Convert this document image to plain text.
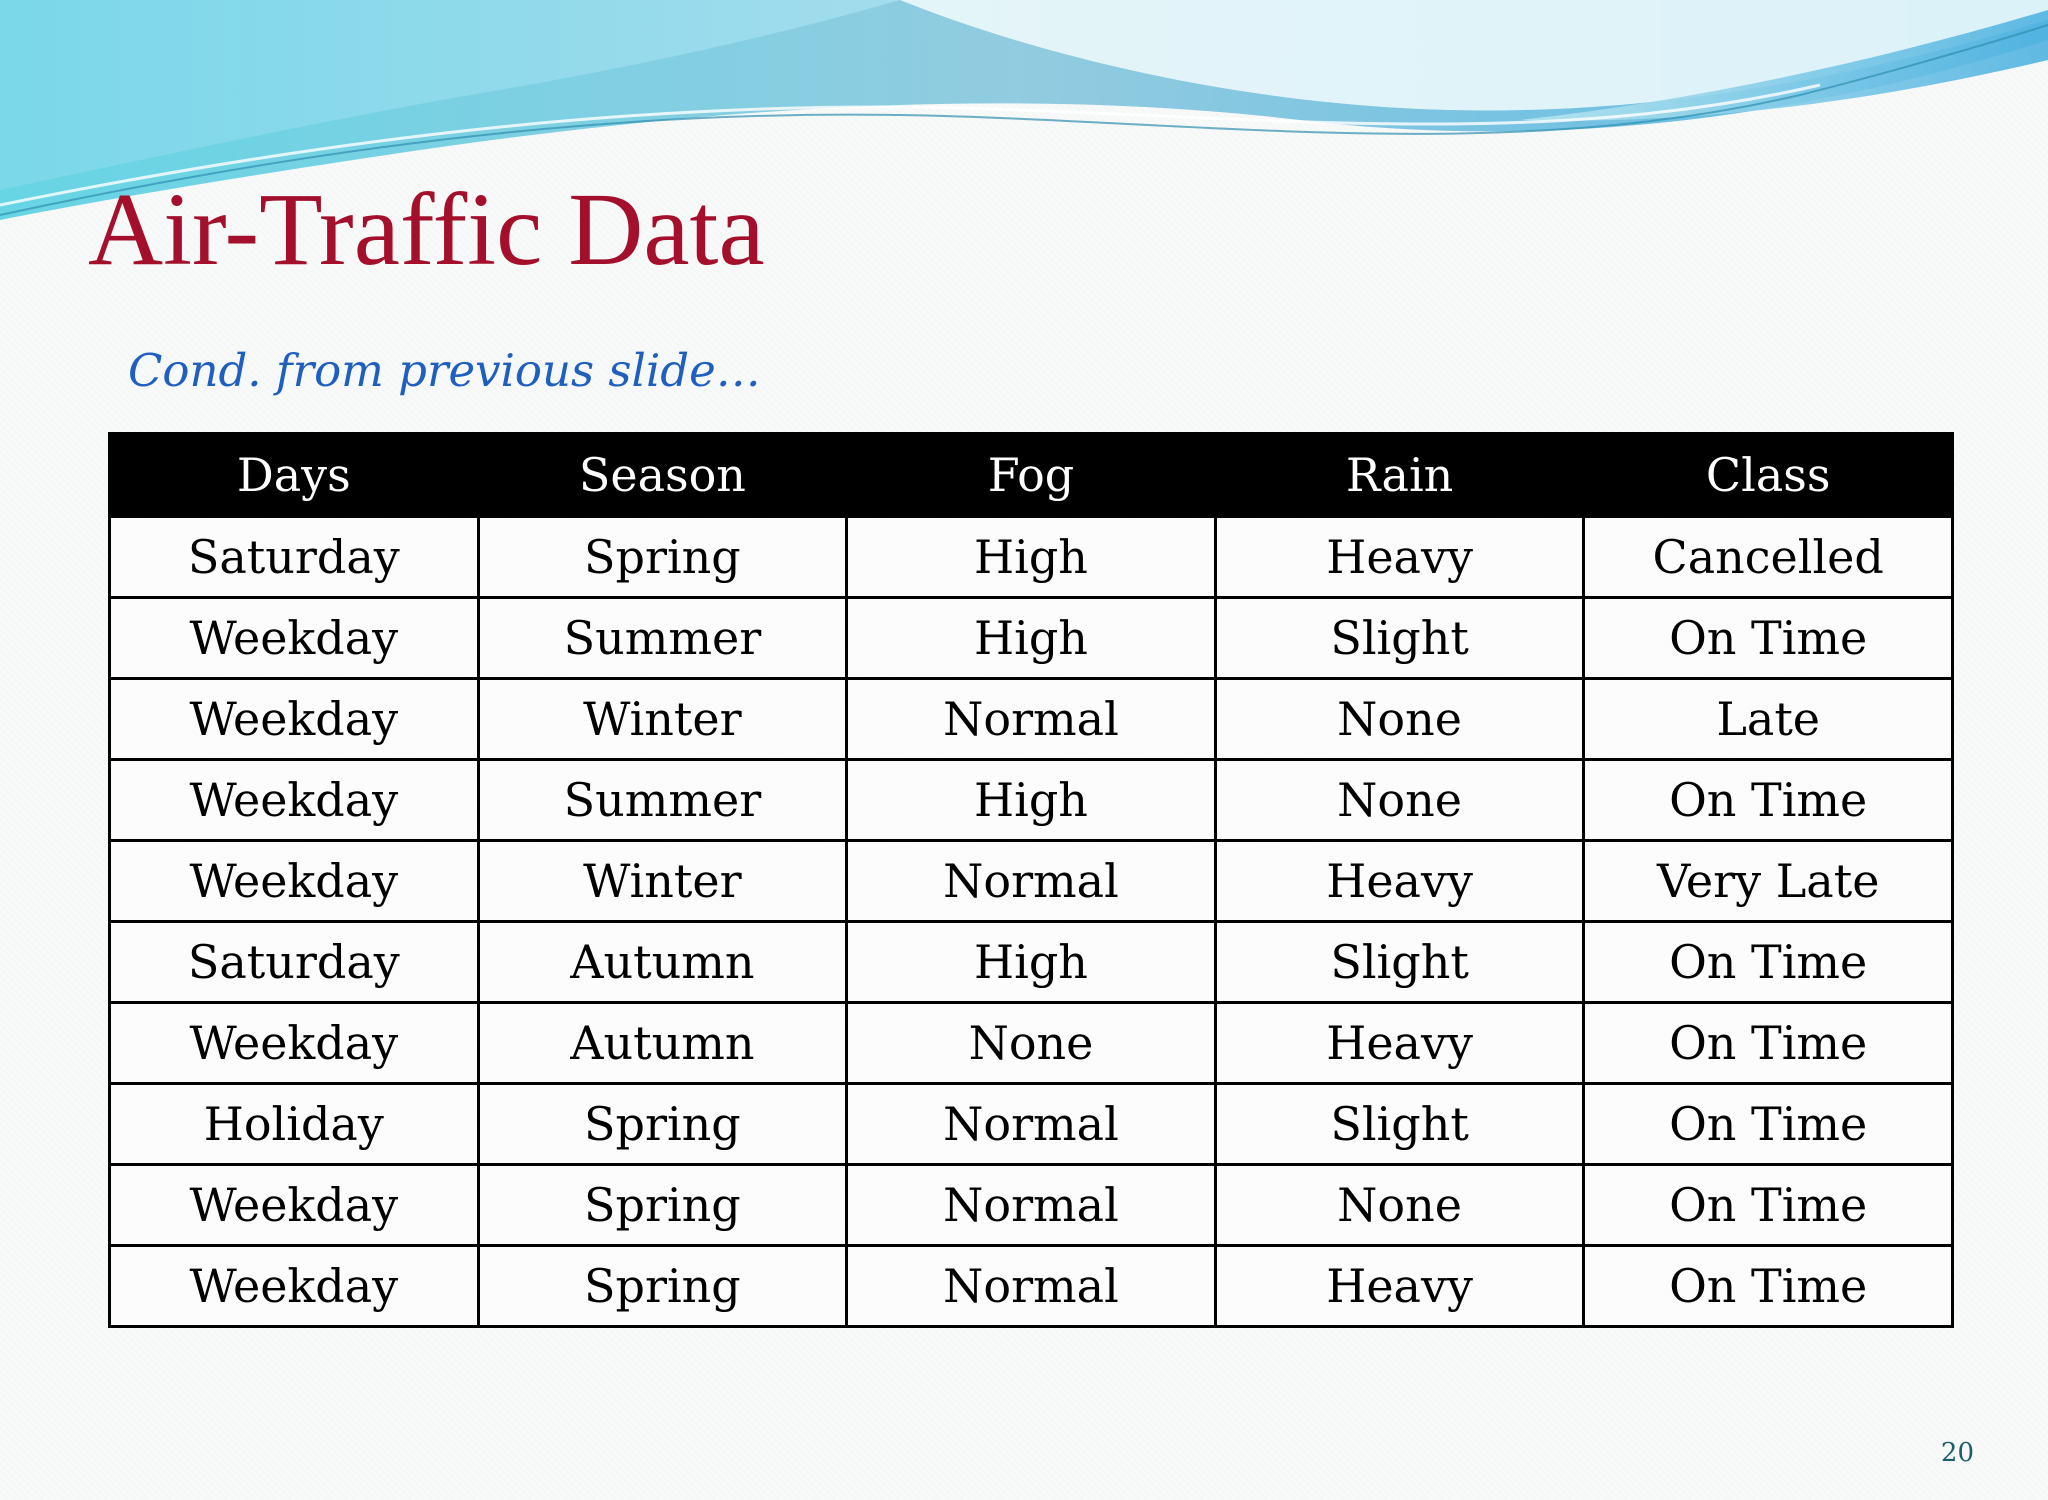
Air-Traffic Data

Cond. from previous slide…

Days	Season	Fog	Rain	Class
Saturday	Spring	High	Heavy	Cancelled
Weekday	Summer	High	Slight	On Time
Weekday	Winter	Normal	None	Late
Weekday	Summer	High	None	On Time
Weekday	Winter	Normal	Heavy	Very Late
Saturday	Autumn	High	Slight	On Time
Weekday	Autumn	None	Heavy	On Time
Holiday	Spring	Normal	Slight	On Time
Weekday	Spring	Normal	None	On Time
Weekday	Spring	Normal	Heavy	On Time
20
